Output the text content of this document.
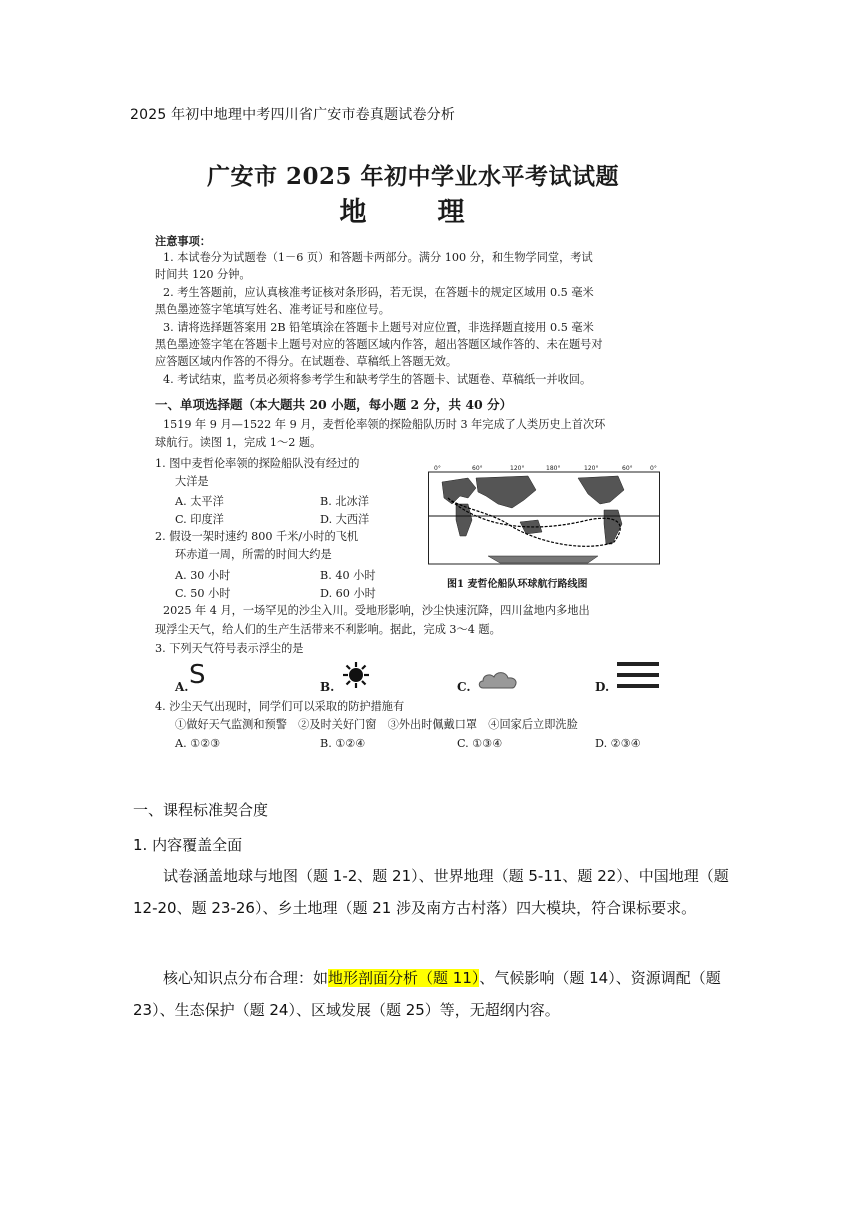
2025 年初中地理中考四川省广安市卷真题试卷分析
广安市 2025 年初中学业水平考试试题
地　理
注意事项：
1. 本试卷分为试题卷（1－6 页）和答题卡两部分。满分 100 分，和生物学同堂，考试
时间共 120 分钟。
2. 考生答题前，应认真核准考证核对条形码，若无误，在答题卡的规定区域用 0.5 毫米
黑色墨迹签字笔填写姓名、准考证号和座位号。
3. 请将选择题答案用 2B 铅笔填涂在答题卡上题号对应位置，非选择题直接用 0.5 毫米
黑色墨迹签字笔在答题卡上题号对应的答题区域内作答，超出答题区域作答的、未在题号对
应答题区域内作答的不得分。在试题卷、草稿纸上答题无效。
4. 考试结束，监考员必须将参考学生和缺考学生的答题卡、试题卷、草稿纸一并收回。
一、单项选择题（本大题共 20 小题，每小题 2 分，共 40 分）
1519 年 9 月—1522 年 9 月，麦哲伦率领的探险船队历时 3 年完成了人类历史上首次环
球航行。读图 1，完成 1～2 题。
1. 图中麦哲伦率领的探险船队没有经过的
大洋是
A. 太平洋	B. 北冰洋
C. 印度洋	D. 大西洋
2. 假设一架时速约 800 千米/小时的飞机
环赤道一周，所需的时间大约是
A. 30 小时	B. 40 小时
C. 50 小时	D. 60 小时
0°	60°	120°	180°	120°	60°	0°
图1 麦哲伦船队环球航行路线图
2025 年 4 月，一场罕见的沙尘入川。受地形影响，沙尘快速沉降，四川盆地内多地出
现浮尘天气，给人们的生产生活带来不利影响。据此，完成 3～4 题。
3. 下列天气符号表示浮尘的是
A. S	B.	C.	D.
4. 沙尘天气出现时，同学们可以采取的防护措施有
①做好天气监测和预警　②及时关好门窗　③外出时佩戴口罩　④回家后立即洗脸
A. ①②③	B. ①②④	C. ①③④	D. ②③④
一、课程标准契合度
1. 内容覆盖全面
试卷涵盖地球与地图（题 1-2、题 21）、世界地理（题 5-11、题 22）、中国地理（题 12-20、题 23-26）、乡土地理（题 21 涉及南方古村落）四大模块，符合课标要求。
核心知识点分布合理：如地形剖面分析（题 11）、气候影响（题 14）、资源调配（题 23）、生态保护（题 24）、区域发展（题 25）等，无超纲内容。
